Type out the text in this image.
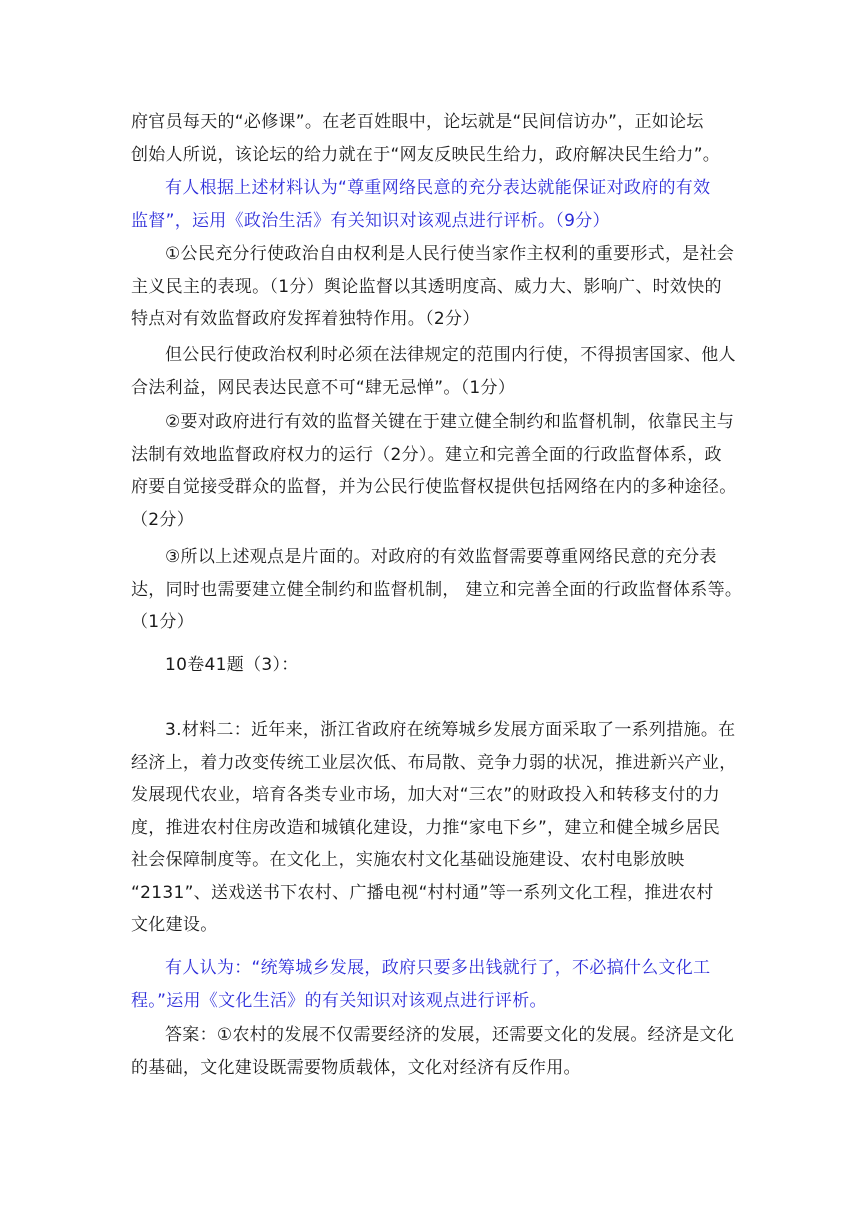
府官员每天的“必修课”。在老百姓眼中，论坛就是“民间信访办”，正如论坛
创始人所说，该论坛的给力就在于“网友反映民生给力，政府解决民生给力”。
有人根据上述材料认为“尊重网络民意的充分表达就能保证对政府的有效
监督”，运用《政治生活》有关知识对该观点进行评析。（9分）
①公民充分行使政治自由权利是人民行使当家作主权利的重要形式，是社会
主义民主的表现。（1分）舆论监督以其透明度高、威力大、影响广、时效快的
特点对有效监督政府发挥着独特作用。（2分）
但公民行使政治权利时必须在法律规定的范围内行使，不得损害国家、他人
合法利益，网民表达民意不可“肆无忌惮”。（1分）
②要对政府进行有效的监督关键在于建立健全制约和监督机制，依靠民主与
法制有效地监督政府权力的运行（2分）。建立和完善全面的行政监督体系，政
府要自觉接受群众的监督，并为公民行使监督权提供包括网络在内的多种途径。
（2分）
③所以上述观点是片面的。对政府的有效监督需要尊重网络民意的充分表
达，同时也需要建立健全制约和监督机制， 建立和完善全面的行政监督体系等。
（1分）
10卷41题（3）：
3.材料二：近年来，浙江省政府在统筹城乡发展方面采取了一系列措施。在
经济上，着力改变传统工业层次低、布局散、竞争力弱的状况，推进新兴产业，
发展现代农业，培育各类专业市场，加大对“三农”的财政投入和转移支付的力
度，推进农村住房改造和城镇化建设，力推“家电下乡”，建立和健全城乡居民
社会保障制度等。在文化上，实施农村文化基础设施建设、农村电影放映
“2131”、送戏送书下农村、广播电视“村村通”等一系列文化工程，推进农村
文化建设。
有人认为：“统筹城乡发展，政府只要多出钱就行了，不必搞什么文化工
程。”运用《文化生活》的有关知识对该观点进行评析。
答案：①农村的发展不仅需要经济的发展，还需要文化的发展。经济是文化
的基础，文化建设既需要物质载体，文化对经济有反作用。
